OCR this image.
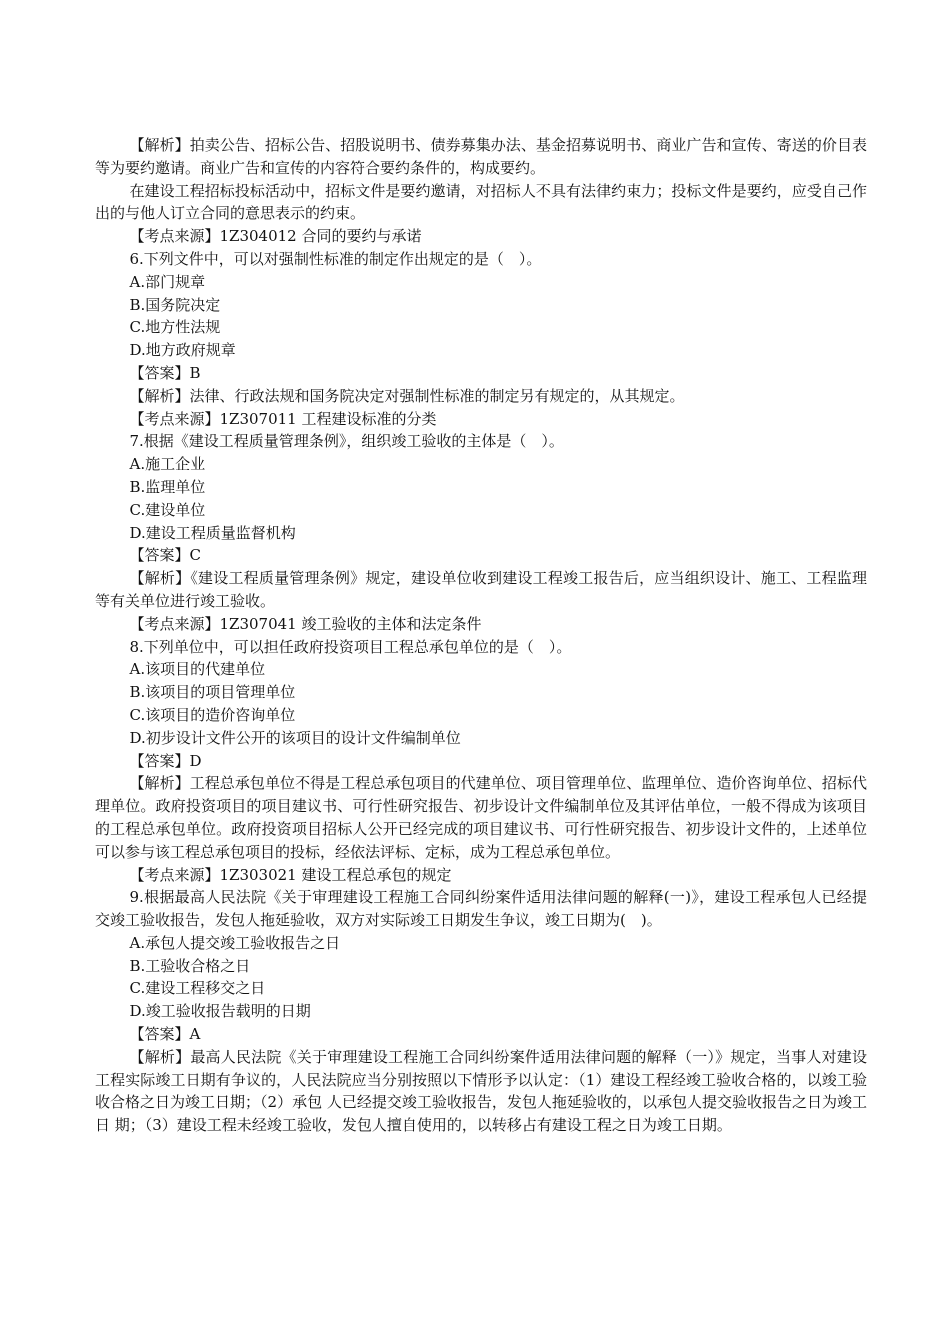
【解析】拍卖公告、招标公告、招股说明书、债券募集办法、基金招募说明书、商业广告和宣传、寄送的价目表等为要约邀请。商业广告和宣传的内容符合要约条件的，构成要约。

在建设工程招标投标活动中，招标文件是要约邀请，对招标人不具有法律约束力；投标文件是要约，应受自己作出的与他人订立合同的意思表示的约束。

【考点来源】1Z304012 合同的要约与承诺

6.下列文件中，可以对强制性标准的制定作出规定的是（　）。

A.部门规章

B.国务院决定

C.地方性法规

D.地方政府规章

【答案】B

【解析】法律、行政法规和国务院决定对强制性标准的制定另有规定的，从其规定。

【考点来源】1Z307011 工程建设标准的分类

7.根据《建设工程质量管理条例》，组织竣工验收的主体是（　）。

A.施工企业

B.监理单位

C.建设单位

D.建设工程质量监督机构

【答案】C

【解析】《建设工程质量管理条例》规定，建设单位收到建设工程竣工报告后，应当组织设计、施工、工程监理等有关单位进行竣工验收。

【考点来源】1Z307041 竣工验收的主体和法定条件

8.下列单位中，可以担任政府投资项目工程总承包单位的是（　）。

A.该项目的代建单位

B.该项目的项目管理单位

C.该项目的造价咨询单位

D.初步设计文件公开的该项目的设计文件编制单位

【答案】D

【解析】工程总承包单位不得是工程总承包项目的代建单位、项目管理单位、监理单位、造价咨询单位、招标代理单位。政府投资项目的项目建议书、可行性研究报告、初步设计文件编制单位及其评估单位，一般不得成为该项目的工程总承包单位。政府投资项目招标人公开已经完成的项目建议书、可行性研究报告、初步设计文件的，上述单位可以参与该工程总承包项目的投标，经依法评标、定标，成为工程总承包单位。

【考点来源】1Z303021 建设工程总承包的规定

9.根据最高人民法院《关于审理建设工程施工合同纠纷案件适用法律问题的解释(一)》，建设工程承包人已经提交竣工验收报告，发包人拖延验收，双方对实际竣工日期发生争议，竣工日期为(　)。

A.承包人提交竣工验收报告之日

B.工验收合格之日

C.建设工程移交之日

D.竣工验收报告载明的日期

【答案】A

【解析】最高人民法院《关于审理建设工程施工合同纠纷案件适用法律问题的解释（一）》规定，当事人对建设工程实际竣工日期有争议的，人民法院应当分别按照以下情形予以认定：（1）建设工程经竣工验收合格的，以竣工验收合格之日为竣工日期；（2）承包 人已经提交竣工验收报告，发包人拖延验收的，以承包人提交验收报告之日为竣工日 期；（3）建设工程未经竣工验收，发包人擅自使用的，以转移占有建设工程之日为竣工日期。
